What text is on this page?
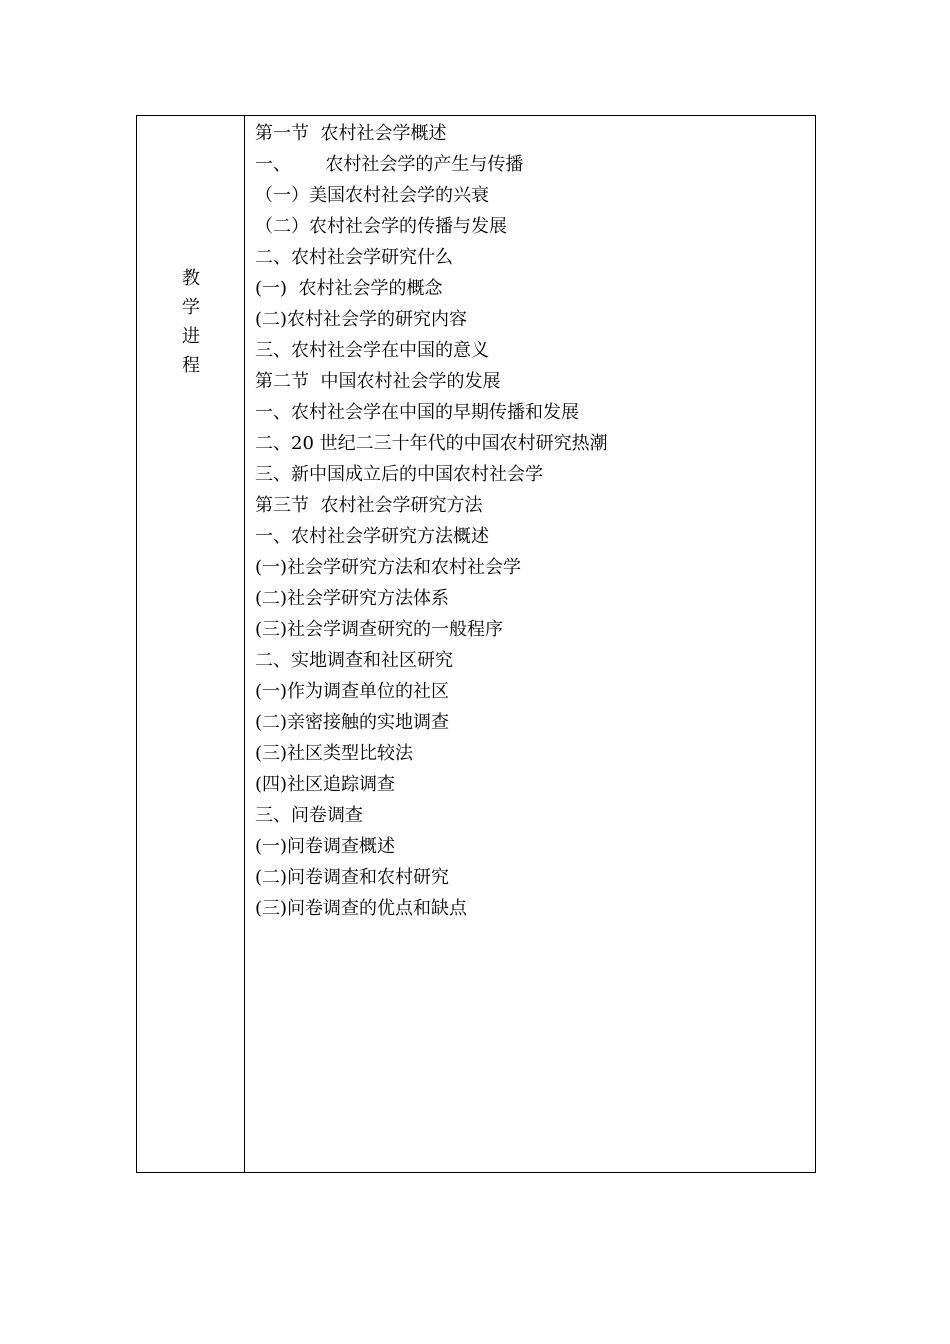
教
学
进
程
第一节  农村社会学概述
一、      农村社会学的产生与传播
（一）美国农村社会学的兴衰
（二）农村社会学的传播与发展
二、农村社会学研究什么
(一)  农村社会学的概念
(二)农村社会学的研究内容
三、农村社会学在中国的意义
第二节  中国农村社会学的发展
一、农村社会学在中国的早期传播和发展
二、20 世纪二三十年代的中国农村研究热潮
三、新中国成立后的中国农村社会学
第三节  农村社会学研究方法
一、农村社会学研究方法概述
(一)社会学研究方法和农村社会学
(二)社会学研究方法体系
(三)社会学调查研究的一般程序
二、实地调查和社区研究
(一)作为调查单位的社区
(二)亲密接触的实地调查
(三)社区类型比较法
(四)社区追踪调查
三、问卷调查
(一)问卷调查概述
(二)问卷调查和农村研究
(三)问卷调查的优点和缺点
